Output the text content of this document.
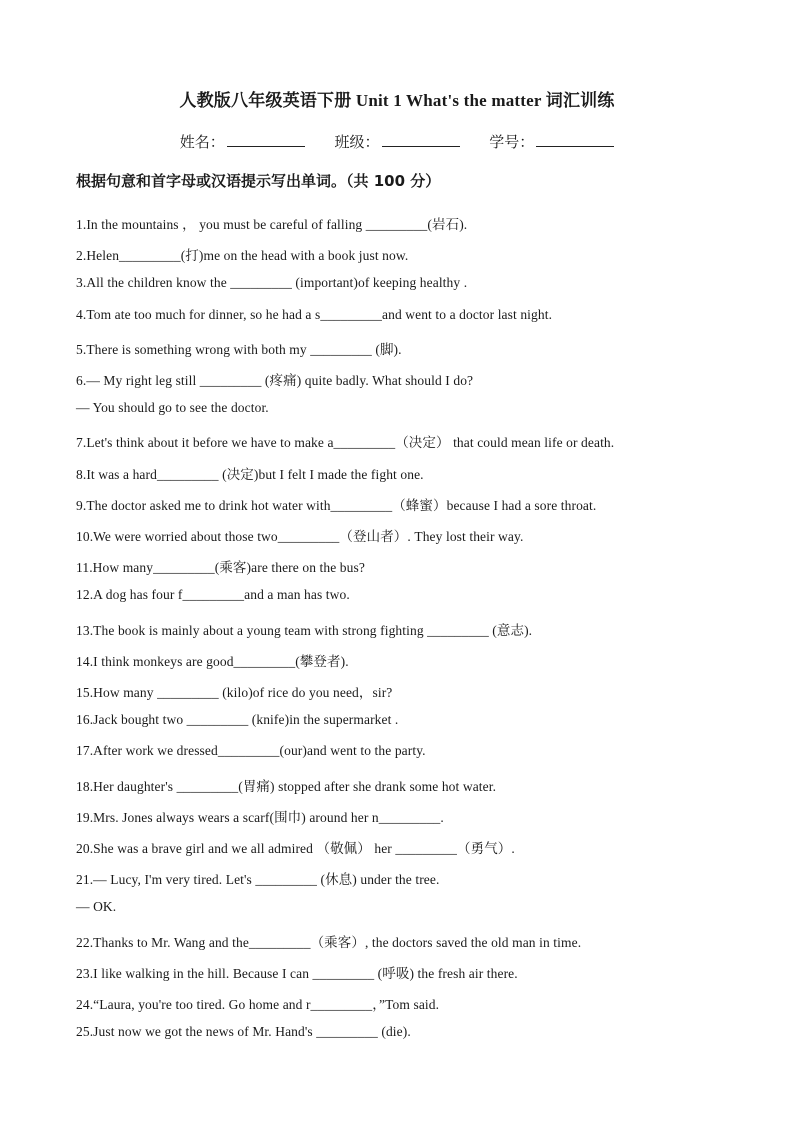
人教版八年级英语下册 Unit 1 What's the matter 词汇训练
姓名：	班级：	学号：
根据句意和首字母或汉语提示写出单词。（共 100 分）
1.In the mountains ， you must be careful of falling _________(岩石).
2.Helen_________(打)me on the head with a book just now.
3.All the children know the _________ (important)of keeping healthy .
4.Tom ate too much for dinner, so he had a s_________and went to a doctor last night.
5.There is something wrong with both my _________ (脚).
6.— My right leg still _________ (疼痛) quite badly. What should I do?
— You should go to see the doctor.
7.Let's think about it before we have to make a_________（决定） that could mean life or death.
8.It was a hard_________ (决定)but I felt I made the fight one.
9.The doctor asked me to drink hot water with_________（蜂蜜）because I had a sore throat.
10.We were worried about those two_________（登山者）. They lost their way.
11.How many_________(乘客)are there on the bus?
12.A dog has four f_________and a man has two.
13.The book is mainly about a young team with strong fighting _________ (意志).
14.I think monkeys are good_________(攀登者).
15.How many _________ (kilo)of rice do you need，sir?
16.Jack bought two _________ (knife)in the supermarket .
17.After work we dressed_________(our)and went to the party.
18.Her daughter's _________(胃痛) stopped after she drank some hot water.
19.Mrs. Jones always wears a scarf(围巾) around her n_________.
20.She was a brave girl and we all admired （敬佩） her _________（勇气）.
21.— Lucy, I'm very tired. Let's _________ (休息) under the tree.
— OK.
22.Thanks to Mr. Wang and the_________（乘客）, the doctors saved the old man in time.
23.I like walking in the hill. Because I can _________ (呼吸) the fresh air there.
24.“Laura, you're too tired. Go home and r_________，”Tom said.
25.Just now we got the news of Mr. Hand's _________ (die).
